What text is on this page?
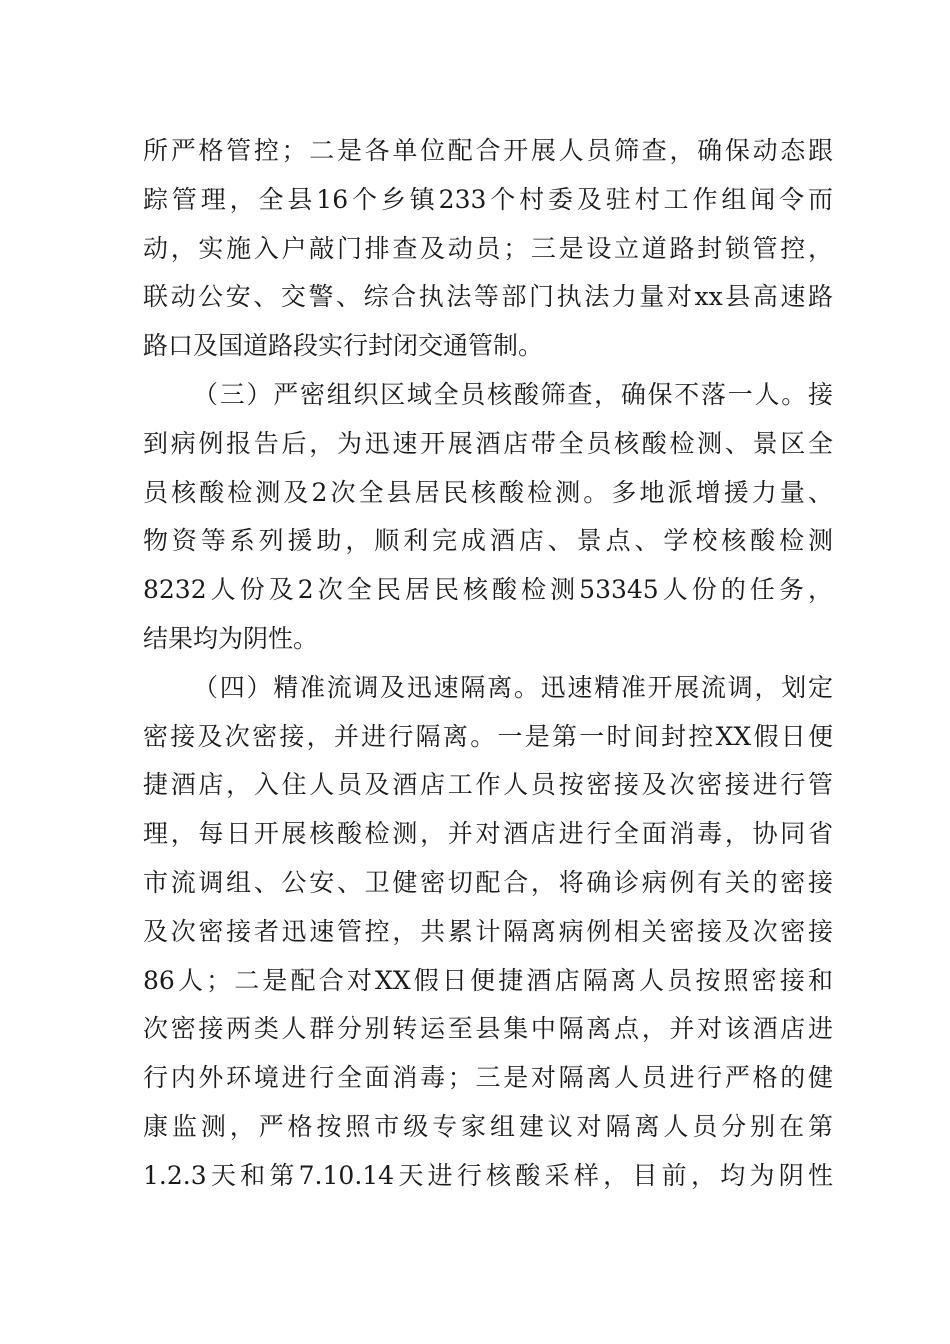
所严格管控；二是各单位配合开展人员筛查，确保动态跟
踪管理，全县16个乡镇233个村委及驻村工作组闻令而
动，实施入户敲门排查及动员；三是设立道路封锁管控，
联动公安、交警、综合执法等部门执法力量对xx县高速路
路口及国道路段实行封闭交通管制。
（三）严密组织区域全员核酸筛查，确保不落一人。接
到病例报告后，为迅速开展酒店带全员核酸检测、景区全
员核酸检测及2次全县居民核酸检测。多地派增援力量、
物资等系列援助，顺利完成酒店、景点、学校核酸检测
8232人份及2次全民居民核酸检测53345人份的任务，
结果均为阴性。
（四）精准流调及迅速隔离。迅速精准开展流调，划定
密接及次密接，并进行隔离。一是第一时间封控XX假日便
捷酒店，入住人员及酒店工作人员按密接及次密接进行管
理，每日开展核酸检测，并对酒店进行全面消毒，协同省
市流调组、公安、卫健密切配合，将确诊病例有关的密接
及次密接者迅速管控，共累计隔离病例相关密接及次密接
86人；二是配合对XX假日便捷酒店隔离人员按照密接和
次密接两类人群分别转运至县集中隔离点，并对该酒店进
行内外环境进行全面消毒；三是对隔离人员进行严格的健
康监测，严格按照市级专家组建议对隔离人员分别在第
1.2.3天和第7.10.14天进行核酸采样，目前，均为阴性
